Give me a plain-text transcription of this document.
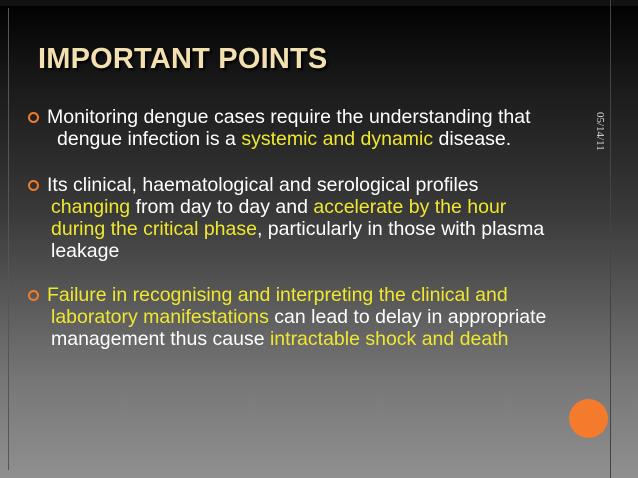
IMPORTANT POINTS
05/14/11
Monitoring dengue cases require the understanding that
dengue infection is a systemic and dynamic disease.
Its clinical, haematological and serological profiles
changing from day to day and accelerate by the hour
during the critical phase, particularly in those with plasma
leakage
Failure in recognising and interpreting the clinical and
laboratory manifestations can lead to delay in appropriate
management thus cause intractable shock and death
